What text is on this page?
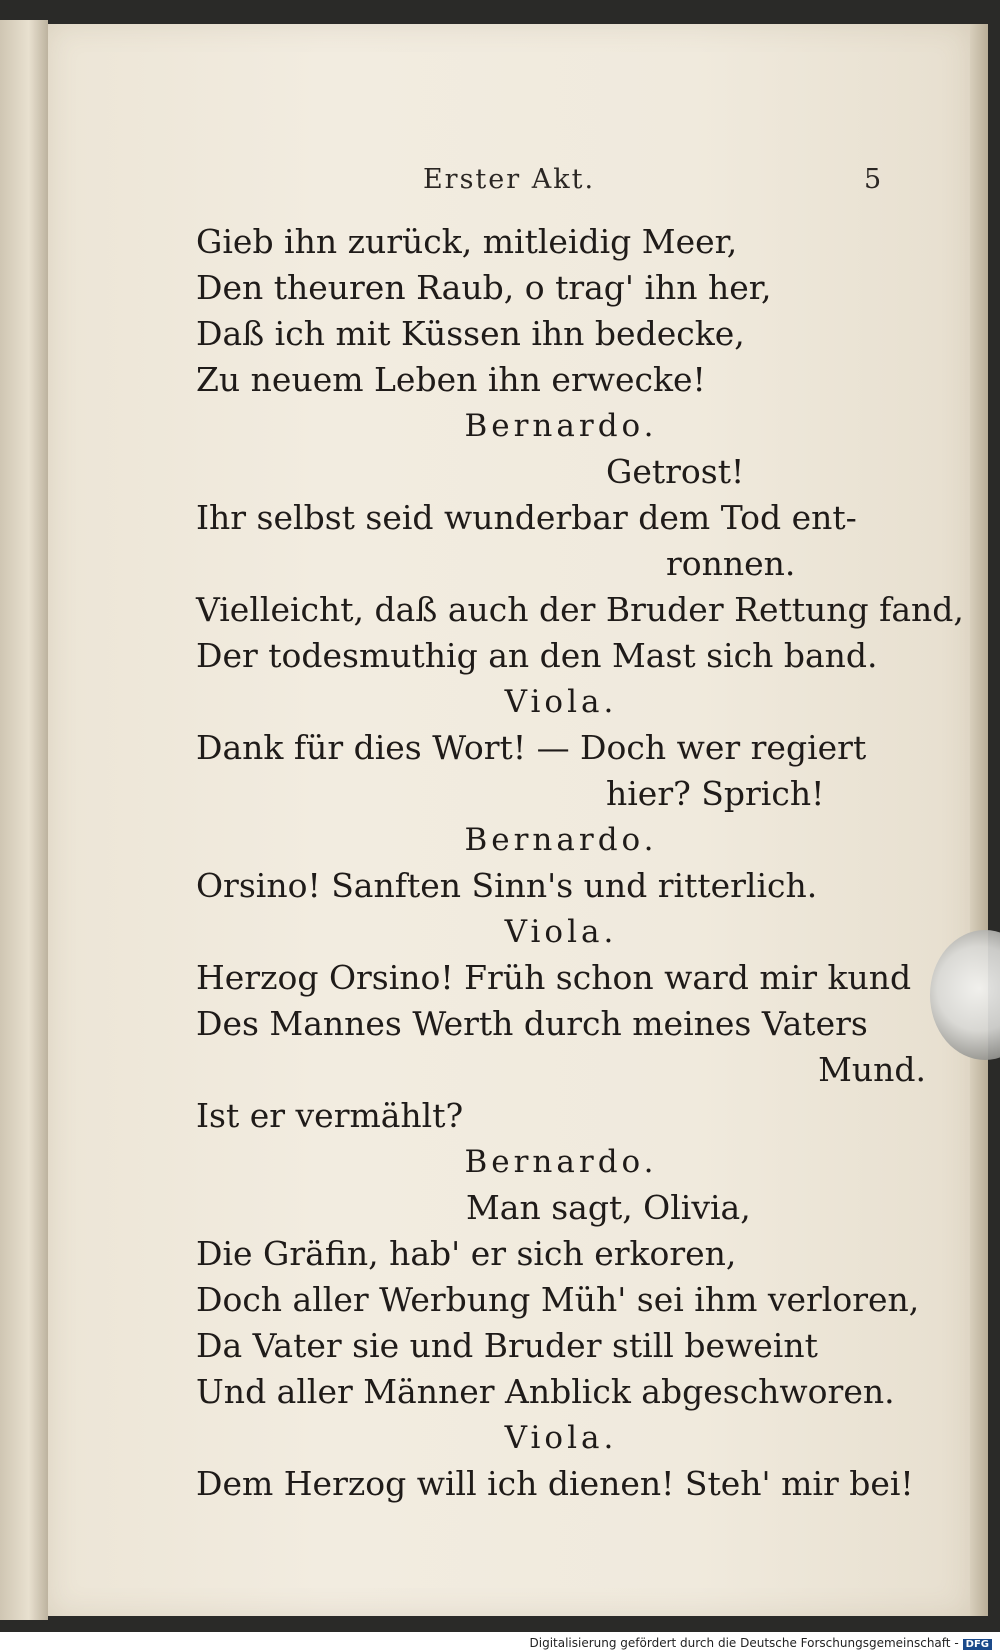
Erster Akt.	5
Gieb ihn zurück, mitleidig Meer,
Den theuren Raub, o trag' ihn her,
Daß ich mit Küssen ihn bedecke,
Zu neuem Leben ihn erwecke!
Bernardo.
Getrost!
Ihr selbst seid wunderbar dem Tod ent-
ronnen.
Vielleicht, daß auch der Bruder Rettung fand,
Der todesmuthig an den Mast sich band.
Viola.
Dank für dies Wort! — Doch wer regiert
hier? Sprich!
Bernardo.
Orsino! Sanften Sinn's und ritterlich.
Viola.
Herzog Orsino! Früh schon ward mir kund
Des Mannes Werth durch meines Vaters
Mund.
Ist er vermählt?
Bernardo.
Man sagt, Olivia,
Die Gräfin, hab' er sich erkoren,
Doch aller Werbung Müh' sei ihm verloren,
Da Vater sie und Bruder still beweint
Und aller Männer Anblick abgeschworen.
Viola.
Dem Herzog will ich dienen! Steh' mir bei!
Digitalisierung gefördert durch die Deutsche Forschungsgemeinschaft - DFG
